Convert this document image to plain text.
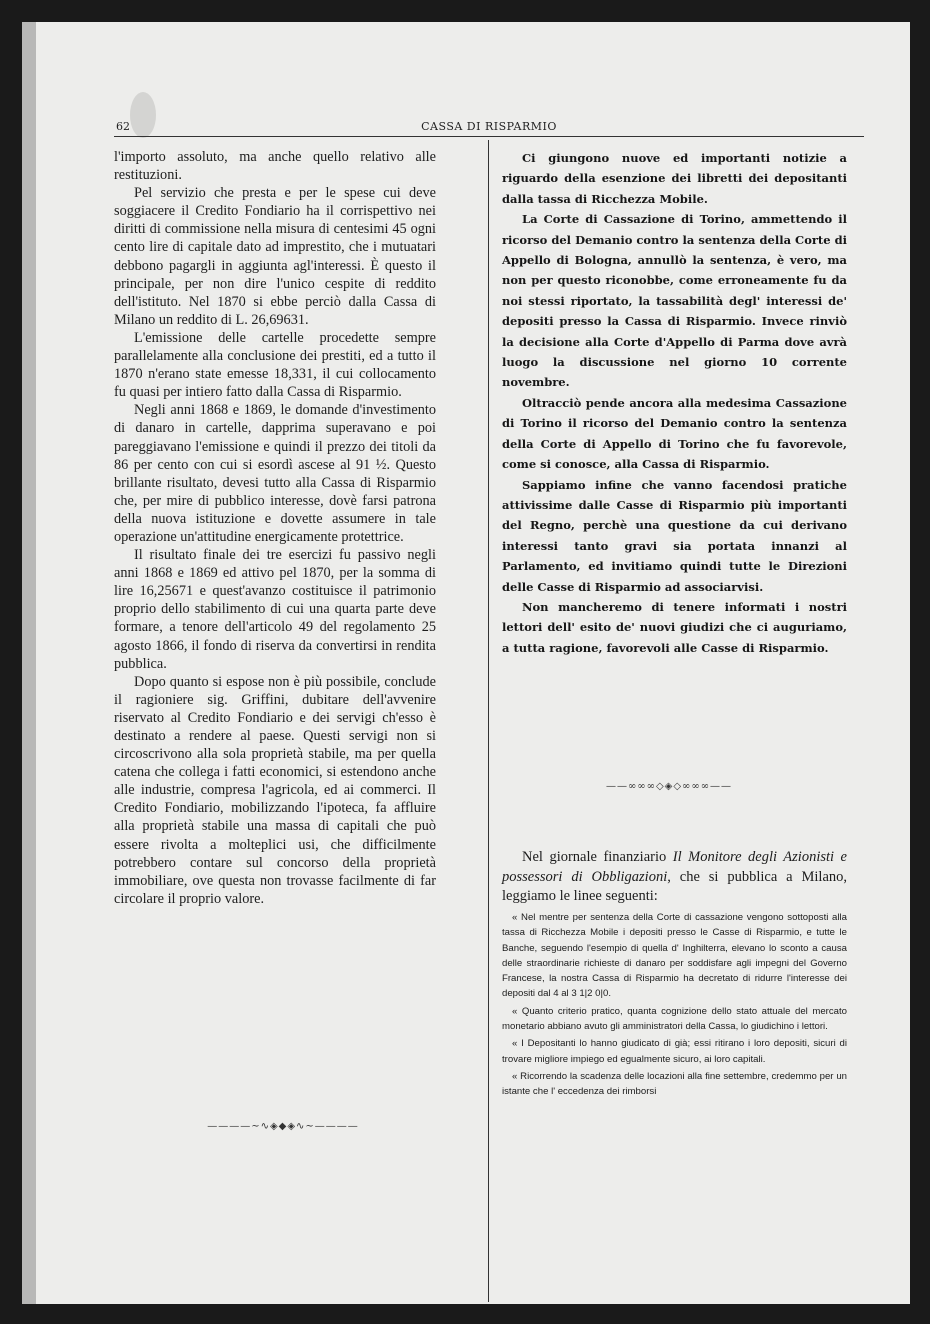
62	CASSA DI RISPARMIO

l'importo assoluto, ma anche quello relativo alle restituzioni.

Pel servizio che presta e per le spese cui deve soggiacere il Credito Fondiario ha il corrispettivo nei diritti di commissione nella misura di centesimi 45 ogni cento lire di capitale dato ad imprestito, che i mutuatari debbono pagargli in aggiunta agl'interessi. È questo il principale, per non dire l'unico cespite di reddito dell'istituto. Nel 1870 si ebbe perciò dalla Cassa di Milano un reddito di L. 26,69631.

L'emissione delle cartelle procedette sempre parallelamente alla conclusione dei prestiti, ed a tutto il 1870 n'erano state emesse 18,331, il cui collocamento fu quasi per intiero fatto dalla Cassa di Risparmio.

Negli anni 1868 e 1869, le domande d'investimento di danaro in cartelle, dapprima superavano e poi pareggiavano l'emissione e quindi il prezzo dei titoli da 86 per cento con cui si esordì ascese al 91 ½. Questo brillante risultato, devesi tutto alla Cassa di Risparmio che, per mire di pubblico interesse, dovè farsi patrona della nuova istituzione e dovette assumere in tale operazione un'attitudine energicamente protettrice.

Il risultato finale dei tre esercizi fu passivo negli anni 1868 e 1869 ed attivo pel 1870, per la somma di lire 16,25671 e quest'avanzo costituisce il patrimonio proprio dello stabilimento di cui una quarta parte deve formare, a tenore dell'articolo 49 del regolamento 25 agosto 1866, il fondo di riserva da convertirsi in rendita pubblica.

Dopo quanto si espose non è più possibile, conclude il ragioniere sig. Griffini, dubitare dell'avvenire riservato al Credito Fondiario e dei servigi ch'esso è destinato a rendere al paese. Questi servigi non si circoscrivono alla sola proprietà stabile, ma per quella catena che collega i fatti economici, si estendono anche alle industrie, compresa l'agricola, ed ai commerci. Il Credito Fondiario, mobilizzando l'ipoteca, fa affluire alla proprietà stabile una massa di capitali che può essere rivolta a molteplici usi, che difficilmente potrebbero contare sul concorso della proprietà immobiliare, ove questa non trovasse facilmente di far circolare il proprio valore.

Ci giungono nuove ed importanti notizie a riguardo della esenzione dei libretti dei depositanti dalla tassa di Ricchezza Mobile.

La Corte di Cassazione di Torino, ammettendo il ricorso del Demanio contro la sentenza della Corte di Appello di Bologna, annullò la sentenza, è vero, ma non per questo riconobbe, come erroneamente fu da noi stessi riportato, la tassabilità degl' interessi de' depositi presso la Cassa di Risparmio. Invece rinviò la decisione alla Corte d'Appello di Parma dove avrà luogo la discussione nel giorno 10 corrente novembre.

Oltracciò pende ancora alla medesima Cassazione di Torino il ricorso del Demanio contro la sentenza della Corte di Appello di Torino che fu favorevole, come si conosce, alla Cassa di Risparmio.

Sappiamo infine che vanno facendosi pratiche attivissime dalle Casse di Risparmio più importanti del Regno, perchè una questione da cui derivano interessi tanto gravi sia portata innanzi al Parlamento, ed invitiamo quindi tutte le Direzioni delle Casse di Risparmio ad associarvisi.

Non mancheremo di tenere informati i nostri lettori dell' esito de' nuovi giudizi che ci auguriamo, a tutta ragione, favorevoli alle Casse di Risparmio.

——∞∞∞◇◈◇∞∞∞——

Nel giornale finanziario Il Monitore degli Azionisti e possessori di Obbligazioni, che si pubblica a Milano, leggiamo le linee seguenti:

« Nel mentre per sentenza della Corte di cassazione vengono sottoposti alla tassa di Ricchezza Mobile i depositi presso le Casse di Risparmio, e tutte le Banche, seguendo l'esempio di quella d' Inghilterra, elevano lo sconto a causa delle straordinarie richieste di danaro per soddisfare agli impegni del Governo Francese, la nostra Cassa di Risparmio ha decretato di ridurre l'interesse dei depositi dal 4 al 3 1|2 0|0.

« Quanto criterio pratico, quanta cognizione dello stato attuale del mercato monetario abbiano avuto gli amministratori della Cassa, lo giudichino i lettori.

« I Depositanti lo hanno giudicato di già; essi ritirano i loro depositi, sicuri di trovare migliore impiego ed egualmente sicuro, ai loro capitali.

« Ricorrendo la scadenza delle locazioni alla fine settembre, credemmo per un istante che l' eccedenza dei rimborsi

————∼∿◈◆◈∿∼————
